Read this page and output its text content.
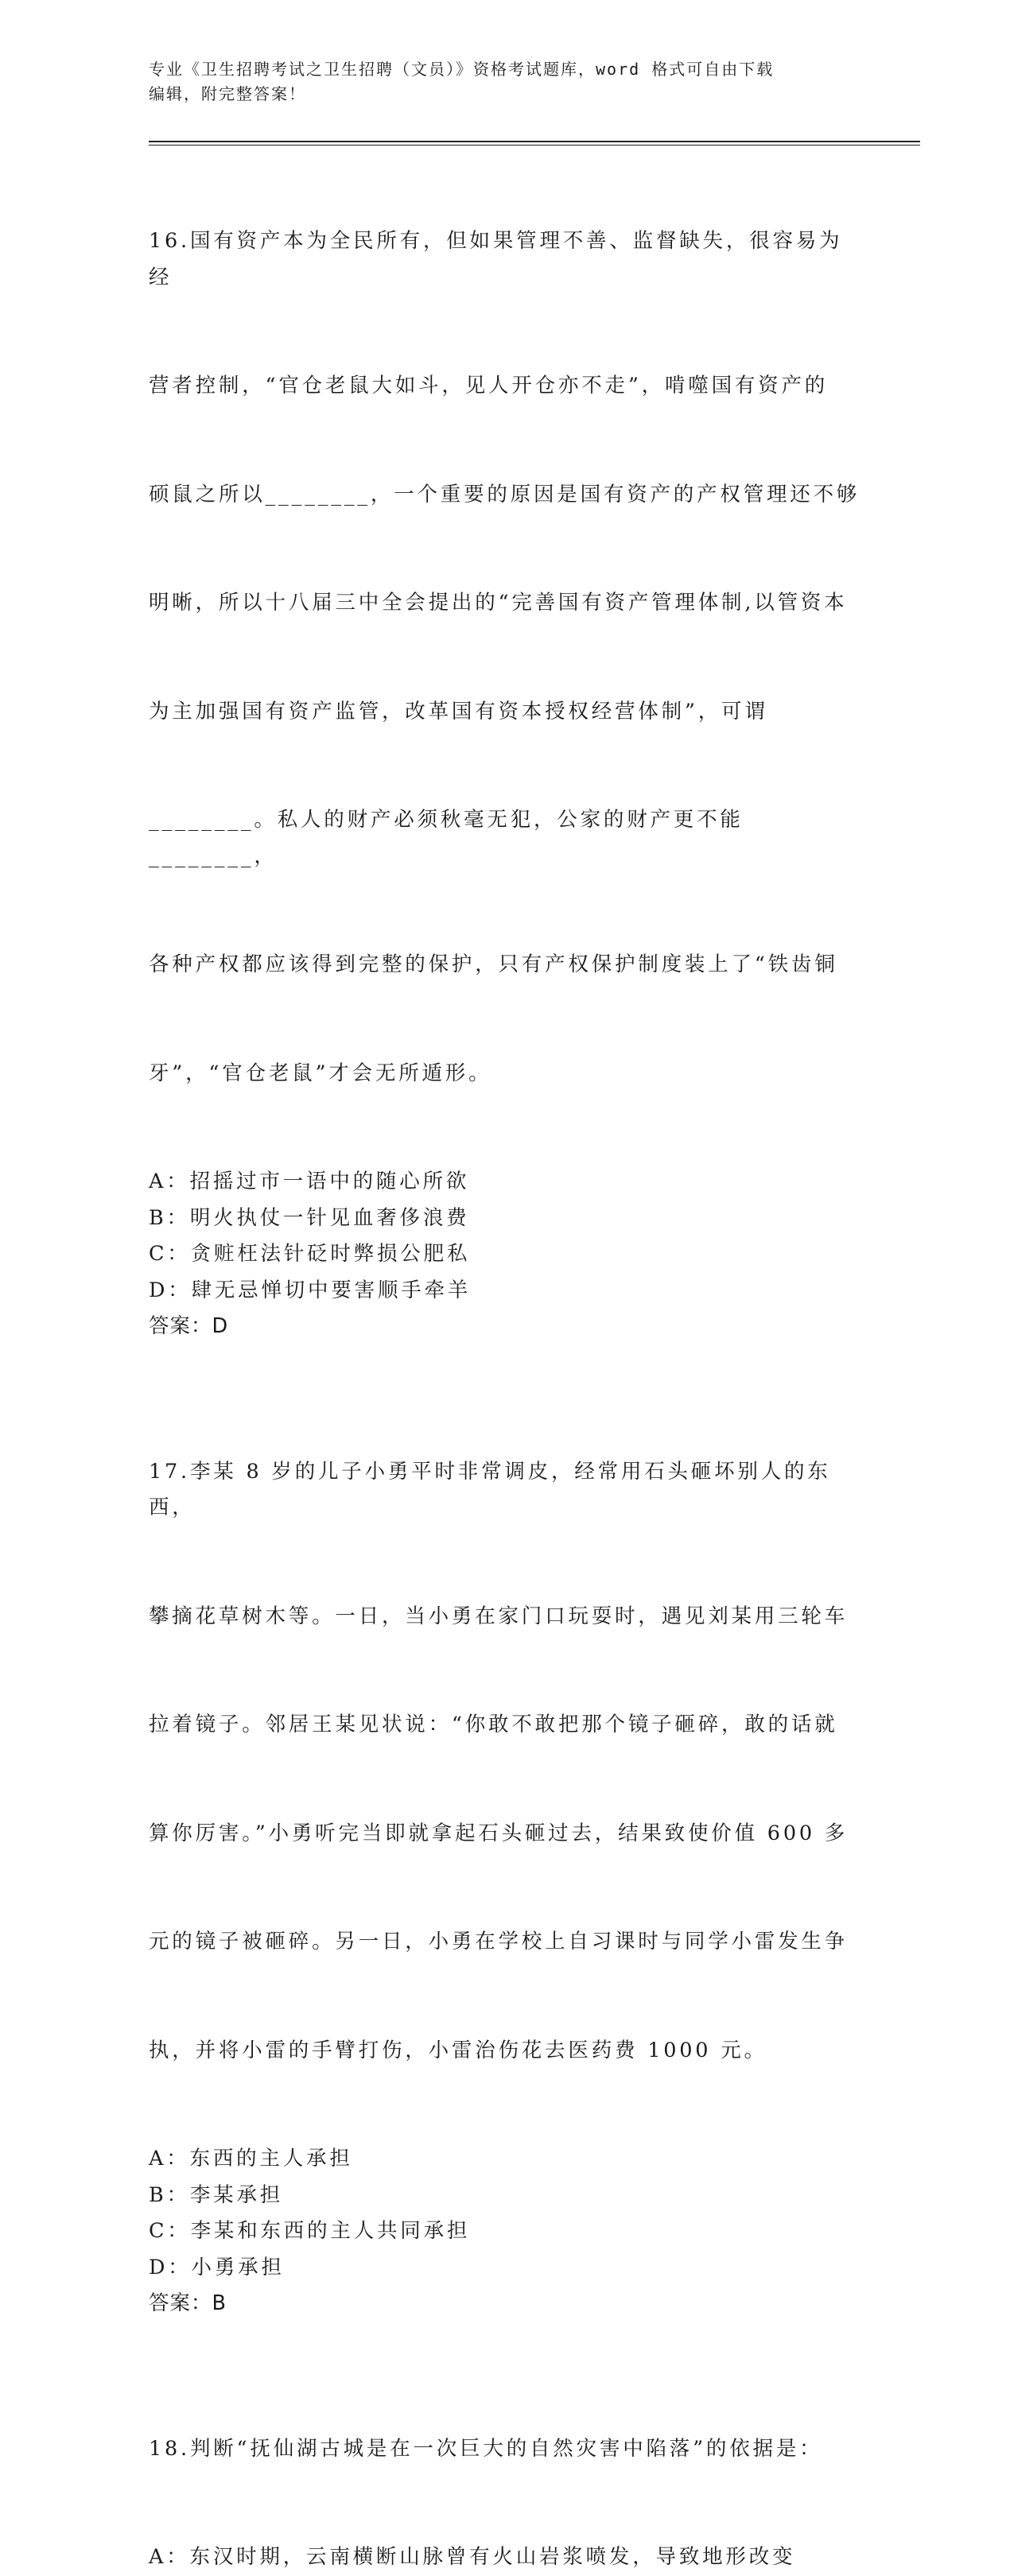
专业《卫生招聘考试之卫生招聘（文员）》资格考试题库，word 格式可自由下载
编辑，附完整答案！

16.国有资产本为全民所有，但如果管理不善、监督缺失，很容易为经

营者控制，“官仓老鼠大如斗，见人开仓亦不走”，啃噬国有资产的

硕鼠之所以________，一个重要的原因是国有资产的产权管理还不够

明晰，所以十八届三中全会提出的“完善国有资产管理体制,以管资本

为主加强国有资产监管，改革国有资本授权经营体制”，可谓

________。私人的财产必须秋毫无犯，公家的财产更不能________，

各种产权都应该得到完整的保护，只有产权保护制度装上了“铁齿铜

牙”，“官仓老鼠”才会无所遁形。

A：招摇过市一语中的随心所欲
B：明火执仗一针见血奢侈浪费
C：贪赃枉法针砭时弊损公肥私
D：肆无忌惮切中要害顺手牵羊
答案：D

17.李某 8 岁的儿子小勇平时非常调皮，经常用石头砸坏别人的东西，

攀摘花草树木等。一日，当小勇在家门口玩耍时，遇见刘某用三轮车

拉着镜子。邻居王某见状说：“你敢不敢把那个镜子砸碎，敢的话就

算你厉害。”小勇听完当即就拿起石头砸过去，结果致使价值 600 多

元的镜子被砸碎。另一日，小勇在学校上自习课时与同学小雷发生争

执，并将小雷的手臂打伤，小雷治伤花去医药费 1000 元。

A：东西的主人承担
B：李某承担
C：李某和东西的主人共同承担
D：小勇承担
答案：B

18.判断“抚仙湖古城是在一次巨大的自然灾害中陷落”的依据是：

A：东汉时期，云南横断山脉曾有火山岩浆喷发，导致地形改变
